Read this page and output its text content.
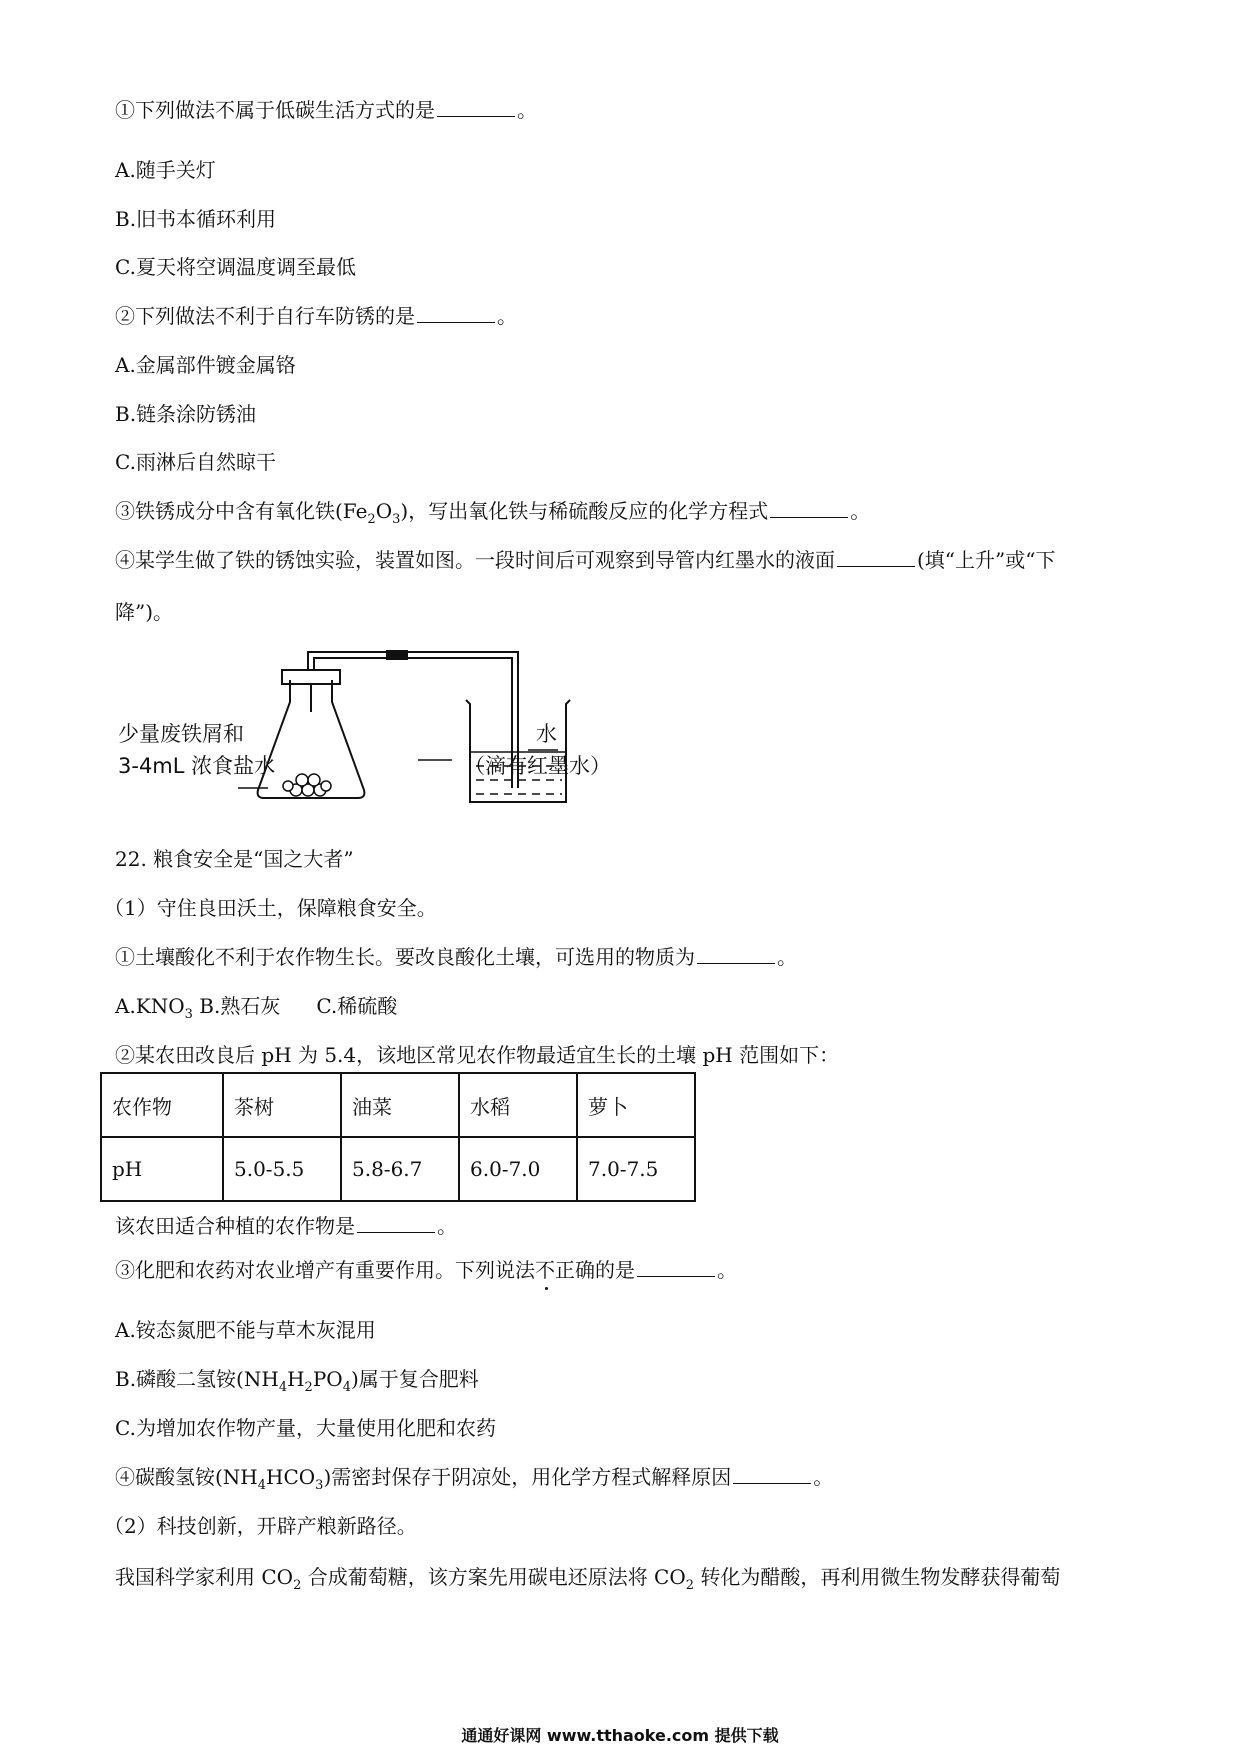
①下列做法不属于低碳生活方式的是	。
A.随手关灯
B.旧书本循环利用
C.夏天将空调温度调至最低
②下列做法不利于自行车防锈的是	。
A.金属部件镀金属铬
B.链条涂防锈油
C.雨淋后自然晾干
③铁锈成分中含有氧化铁$(Fe_2O_3)$，写出氧化铁与稀硫酸反应的化学方程式	。
④某学生做了铁的锈蚀实验，装置如图。一段时间后可观察到导管内红墨水的液面	(填“上升”或“下
降”)。
少量废铁屑和
3-4mL 浓食盐水
水
（滴有红墨水）
22. 粮食安全是“国之大者”
（1）守住良田沃土，保障粮食安全。
①土壤酸化不利于农作物生长。要改良酸化土壤，可选用的物质为	。
$A.KNO_3$ B.熟石灰 C.稀硫酸
②某农田改良后 pH 为 5.4，该地区常见农作物最适宜生长的土壤 pH 范围如下：
农作物	茶树	油菜	水稻	萝卜
pH	5.0-5.5	5.8-6.7	6.0-7.0	7.0-7.5
该农田适合种植的农作物是	。
③化肥和农药对农业增产有重要作用。下列说法不正确的是	。
A.铵态氮肥不能与草木灰混用
B.磷酸二氢铵$(NH_4H_2PO_4)$属于复合肥料
C.为增加农作物产量，大量使用化肥和农药
④碳酸氢铵$(NH_4HCO_3)$需密封保存于阴凉处，用化学方程式解释原因	。
（2）科技创新，开辟产粮新路径。
我国科学家利用 $CO_2$ 合成葡萄糖，该方案先用碳电还原法将 $CO_2$ 转化为醋酸，再利用微生物发酵获得葡萄
通通好课网 www.tthaoke.com 提供下载
